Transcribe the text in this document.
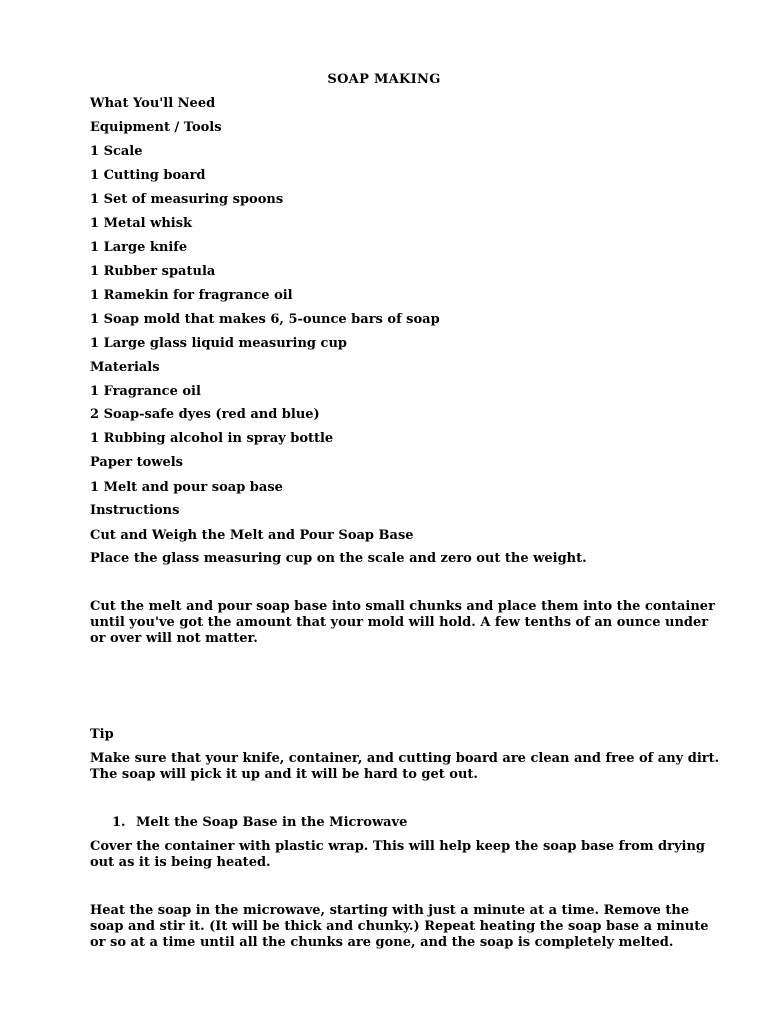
SOAP MAKING
What You'll Need
Equipment / Tools
1 Scale
1 Cutting board
1 Set of measuring spoons
1 Metal whisk
1 Large knife
1 Rubber spatula
1 Ramekin for fragrance oil
1 Soap mold that makes 6, 5-ounce bars of soap
1 Large glass liquid measuring cup
Materials
1 Fragrance oil
2 Soap-safe dyes (red and blue)
1 Rubbing alcohol in spray bottle
Paper towels
1 Melt and pour soap base
Instructions
Cut and Weigh the Melt and Pour Soap Base
Place the glass measuring cup on the scale and zero out the weight.
Cut the melt and pour soap base into small chunks and place them into the container
until you've got the amount that your mold will hold. A few tenths of an ounce under
or over will not matter.
Tip
Make sure that your knife, container, and cutting board are clean and free of any dirt.
The soap will pick it up and it will be hard to get out.
1. Melt the Soap Base in the Microwave
Cover the container with plastic wrap. This will help keep the soap base from drying
out as it is being heated.
Heat the soap in the microwave, starting with just a minute at a time. Remove the
soap and stir it. (It will be thick and chunky.) Repeat heating the soap base a minute
or so at a time until all the chunks are gone, and the soap is completely melted.
